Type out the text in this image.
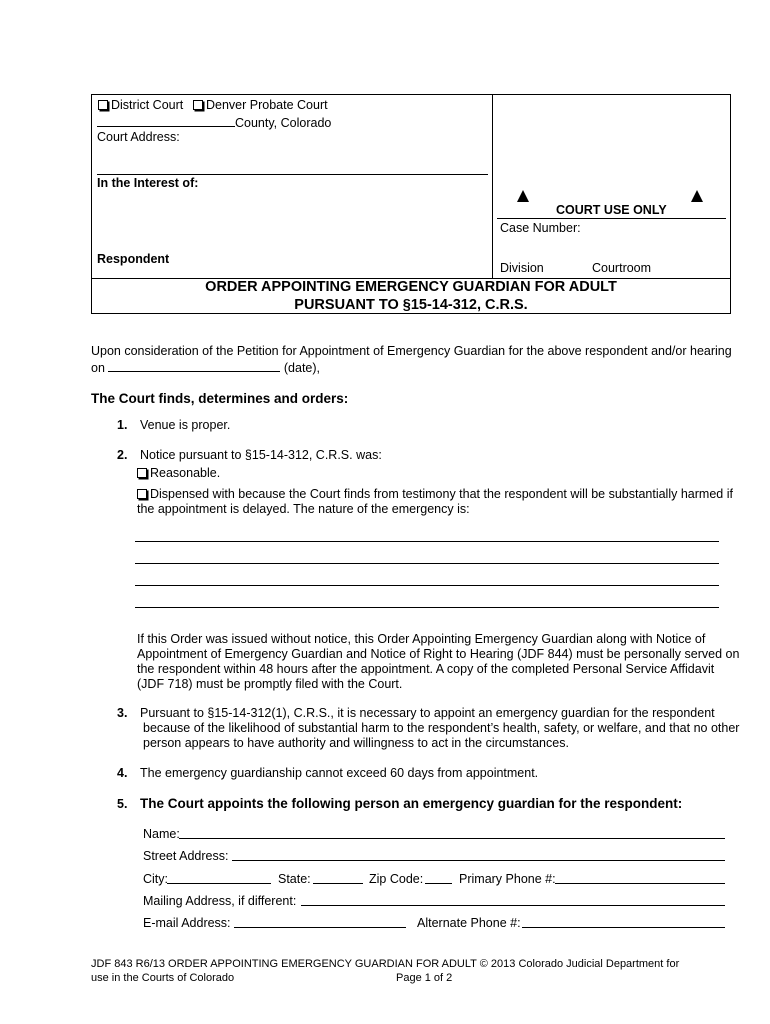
District Court	Denver Probate Court
County, Colorado
Court Address:
In the Interest of:
Respondent
COURT USE ONLY
Case Number:
Division	Courtroom
ORDER APPOINTING EMERGENCY GUARDIAN FOR ADULT
PURSUANT TO §15-14-312, C.R.S.
Upon consideration of the Petition for Appointment of Emergency Guardian for the above respondent and/or hearing
on	(date),
The Court finds, determines and orders:
1. Venue is proper.
2. Notice pursuant to §15-14-312, C.R.S. was:
Reasonable.
Dispensed with because the Court finds from testimony that the respondent will be substantially harmed if
the appointment is delayed. The nature of the emergency is:
If this Order was issued without notice, this Order Appointing Emergency Guardian along with Notice of
Appointment of Emergency Guardian and Notice of Right to Hearing (JDF 844) must be personally served on
the respondent within 48 hours after the appointment. A copy of the completed Personal Service Affidavit
(JDF 718) must be promptly filed with the Court.
3. Pursuant to §15-14-312(1), C.R.S., it is necessary to appoint an emergency guardian for the respondent
because of the likelihood of substantial harm to the respondent’s health, safety, or welfare, and that no other
person appears to have authority and willingness to act in the circumstances.
4. The emergency guardianship cannot exceed 60 days from appointment.
5. The Court appoints the following person an emergency guardian for the respondent:
Name:
Street Address:
City:	State:	Zip Code:	Primary Phone #:
Mailing Address, if different:
E-mail Address:	Alternate Phone #:
JDF 843 R6/13 ORDER APPOINTING EMERGENCY GUARDIAN FOR ADULT © 2013 Colorado Judicial Department for
use in the Courts of Colorado	Page 1 of 2
